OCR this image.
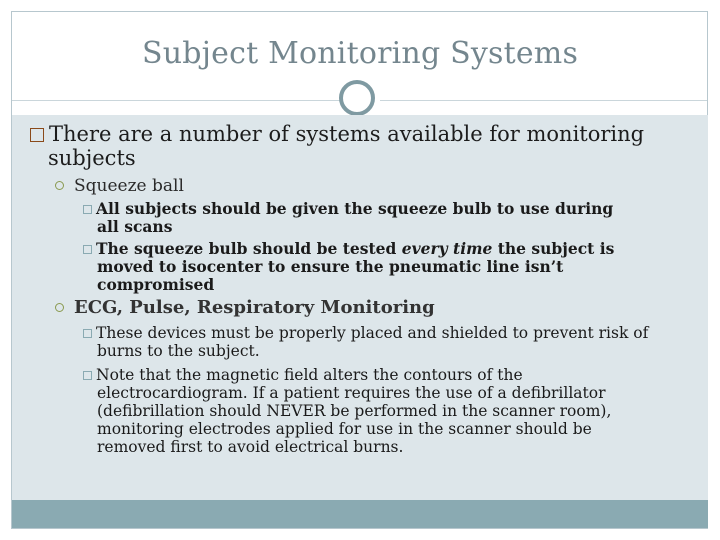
Subject Monitoring Systems
There are a number of systems available for monitoring
subjects
Squeeze ball
All subjects should be given the squeeze bulb to use during
all scans
The squeeze bulb should be tested every time the subject is
moved to isocenter to ensure the pneumatic line isn’t
compromised
ECG, Pulse, Respiratory Monitoring
These devices must be properly placed and shielded to prevent risk of
burns to the subject.
Note that the magnetic field alters the contours of the
electrocardiogram. If a patient requires the use of a defibrillator
(defibrillation should NEVER be performed in the scanner room),
monitoring electrodes applied for use in the scanner should be
removed first to avoid electrical burns.
